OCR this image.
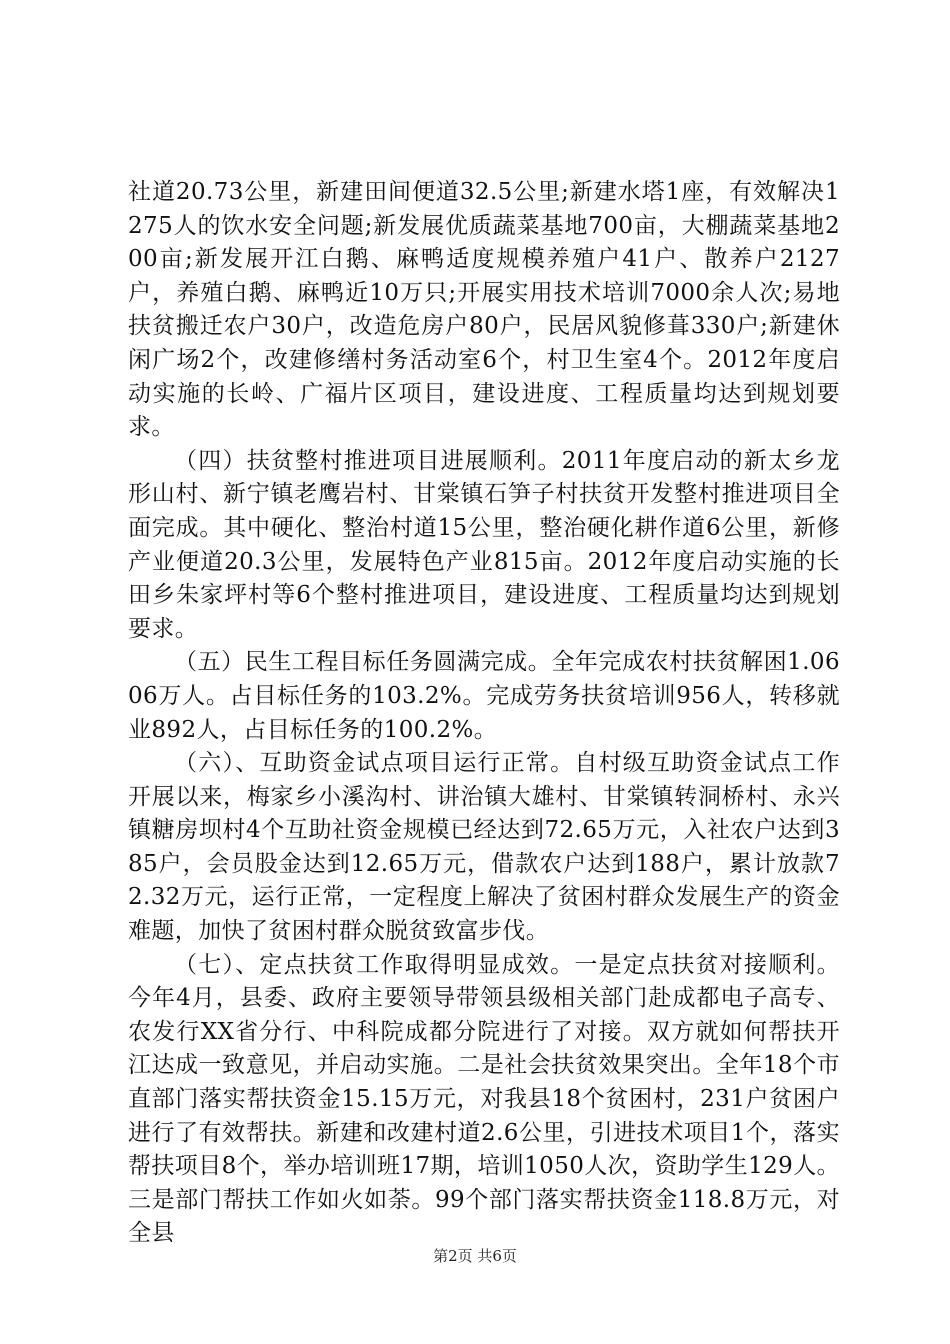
社道20.73公里，新建田间便道32.5公里;新建水塔1座，有效解决1275人的饮水安全问题;新发展优质蔬菜基地700亩，大棚蔬菜基地200亩;新发展开江白鹅、麻鸭适度规模养殖户41户、散养户2127户，养殖白鹅、麻鸭近10万只;开展实用技术培训7000余人次;易地扶贫搬迁农户30户，改造危房户80户，民居风貌修葺330户;新建休闲广场2个，改建修缮村务活动室6个，村卫生室4个。2012年度启动实施的长岭、广福片区项目，建设进度、工程质量均达到规划要求。

（四）扶贫整村推进项目进展顺利。2011年度启动的新太乡龙形山村、新宁镇老鹰岩村、甘棠镇石笋子村扶贫开发整村推进项目全面完成。其中硬化、整治村道15公里，整治硬化耕作道6公里，新修产业便道20.3公里，发展特色产业815亩。2012年度启动实施的长田乡朱家坪村等6个整村推进项目，建设进度、工程质量均达到规划要求。

（五）民生工程目标任务圆满完成。全年完成农村扶贫解困1.0606万人。占目标任务的103.2%。完成劳务扶贫培训956人，转移就业892人，占目标任务的100.2%。

（六）、互助资金试点项目运行正常。自村级互助资金试点工作开展以来，梅家乡小溪沟村、讲治镇大雄村、甘棠镇转洞桥村、永兴镇糖房坝村4个互助社资金规模已经达到72.65万元，入社农户达到385户，会员股金达到12.65万元，借款农户达到188户，累计放款72.32万元，运行正常，一定程度上解决了贫困村群众发展生产的资金难题，加快了贫困村群众脱贫致富步伐。

（七）、定点扶贫工作取得明显成效。一是定点扶贫对接顺利。今年4月，县委、政府主要领导带领县级相关部门赴成都电子高专、农发行XX省分行、中科院成都分院进行了对接。双方就如何帮扶开江达成一致意见，并启动实施。二是社会扶贫效果突出。全年18个市直部门落实帮扶资金15.15万元，对我县18个贫困村，231户贫困户进行了有效帮扶。新建和改建村道2.6公里，引进技术项目1个，落实帮扶项目8个，举办培训班17期，培训1050人次，资助学生129人。三是部门帮扶工作如火如荼。99个部门落实帮扶资金118.8万元，对全县

第2页 共6页
